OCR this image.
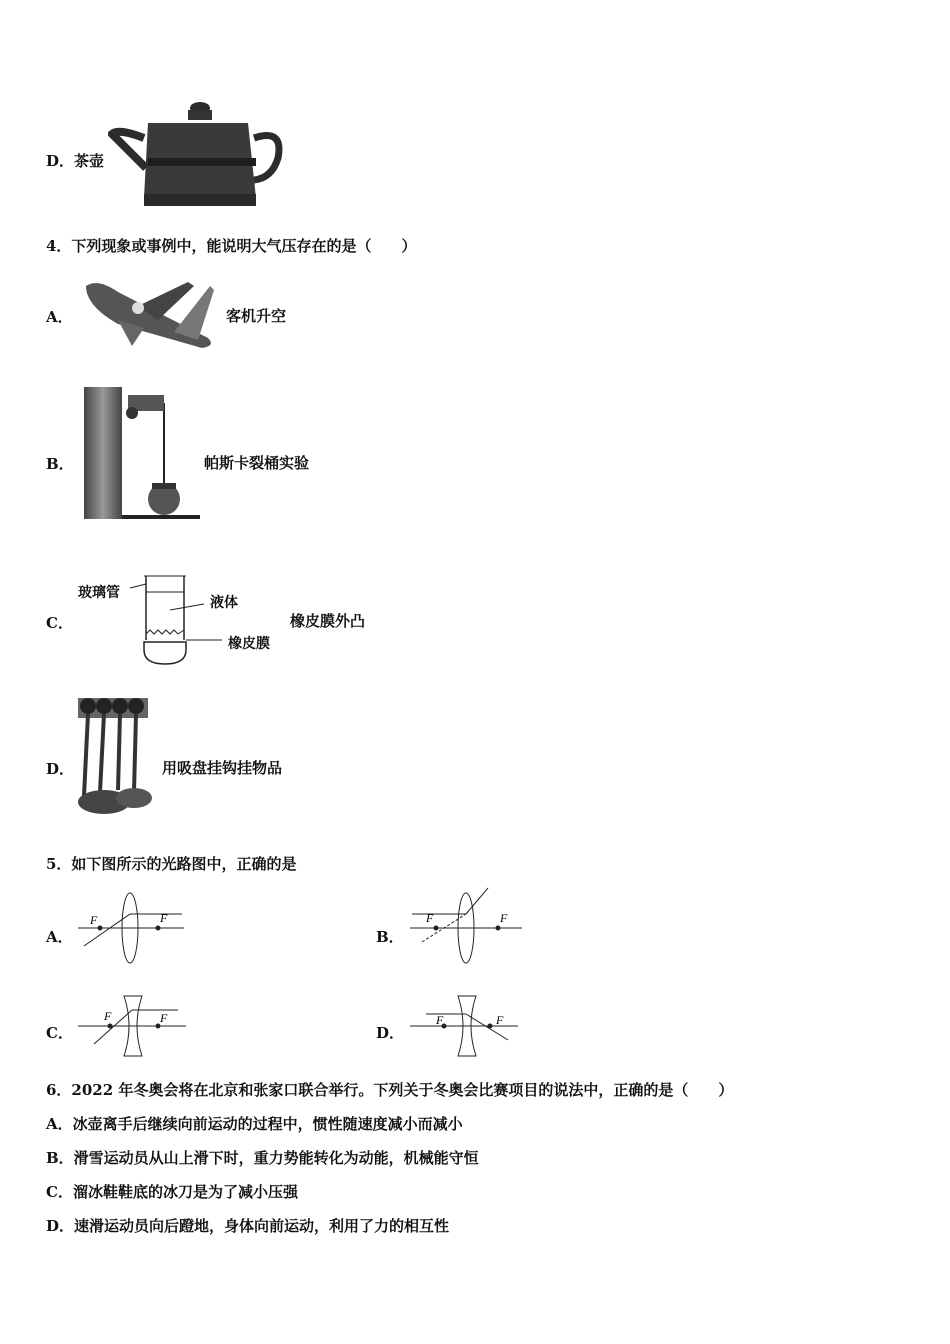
D．茶壶
4．下列现象或事例中，能说明大气压存在的是（　　）
A．	客机升空
B．	帕斯卡裂桶实验
C．
玻璃管
液体
橡皮膜
橡皮膜外凸
D．	用吸盘挂钩挂物品
5．如下图所示的光路图中，正确的是
A．
F	F
B．
F	F
C．
F	F
D．
F	F
6．2022 年冬奥会将在北京和张家口联合举行。下列关于冬奥会比赛项目的说法中，正确的是（　　）
A．冰壶离手后继续向前运动的过程中，惯性随速度减小而减小
B．滑雪运动员从山上滑下时，重力势能转化为动能，机械能守恒
C．溜冰鞋鞋底的冰刀是为了减小压强
D．速滑运动员向后蹬地，身体向前运动，利用了力的相互性
